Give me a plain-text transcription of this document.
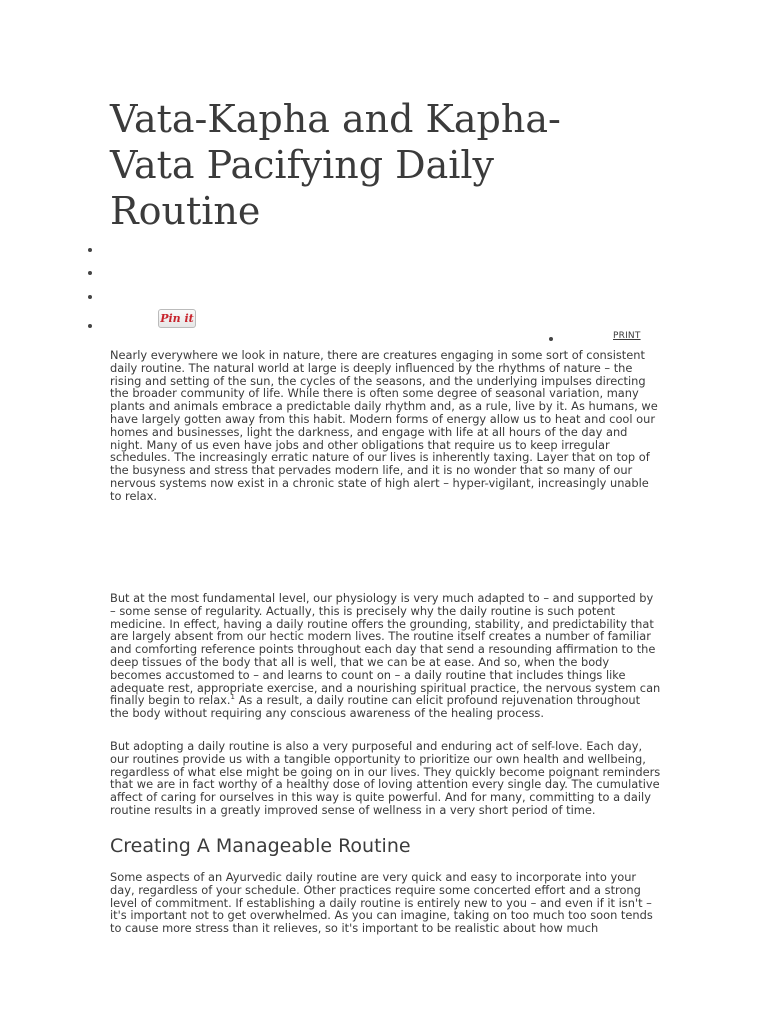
Vata-Kapha and Kapha-Vata Pacifying Daily Routine
Pin it
PRINT

Nearly everywhere we look in nature, there are creatures engaging in some sort of consistent daily routine. The natural world at large is deeply influenced by the rhythms of nature – the rising and setting of the sun, the cycles of the seasons, and the underlying impulses directing the broader community of life. While there is often some degree of seasonal variation, many plants and animals embrace a predictable daily rhythm and, as a rule, live by it. As humans, we have largely gotten away from this habit. Modern forms of energy allow us to heat and cool our homes and businesses, light the darkness, and engage with life at all hours of the day and night. Many of us even have jobs and other obligations that require us to keep irregular schedules. The increasingly erratic nature of our lives is inherently taxing. Layer that on top of the busyness and stress that pervades modern life, and it is no wonder that so many of our nervous systems now exist in a chronic state of high alert – hyper-vigilant, increasingly unable to relax.

But at the most fundamental level, our physiology is very much adapted to – and supported by – some sense of regularity. Actually, this is precisely why the daily routine is such potent medicine. In effect, having a daily routine offers the grounding, stability, and predictability that are largely absent from our hectic modern lives. The routine itself creates a number of familiar and comforting reference points throughout each day that send a resounding affirmation to the deep tissues of the body that all is well, that we can be at ease. And so, when the body becomes accustomed to – and learns to count on – a daily routine that includes things like adequate rest, appropriate exercise, and a nourishing spiritual practice, the nervous system can finally begin to relax.$^1$ As a result, a daily routine can elicit profound rejuvenation throughout the body without requiring any conscious awareness of the healing process.

But adopting a daily routine is also a very purposeful and enduring act of self-love. Each day, our routines provide us with a tangible opportunity to prioritize our own health and wellbeing, regardless of what else might be going on in our lives. They quickly become poignant reminders that we are in fact worthy of a healthy dose of loving attention every single day. The cumulative affect of caring for ourselves in this way is quite powerful. And for many, committing to a daily routine results in a greatly improved sense of wellness in a very short period of time.

Creating A Manageable Routine

Some aspects of an Ayurvedic daily routine are very quick and easy to incorporate into your day, regardless of your schedule. Other practices require some concerted effort and a strong level of commitment. If establishing a daily routine is entirely new to you – and even if it isn't – it's important not to get overwhelmed. As you can imagine, taking on too much too soon tends to cause more stress than it relieves, so it's important to be realistic about how much
